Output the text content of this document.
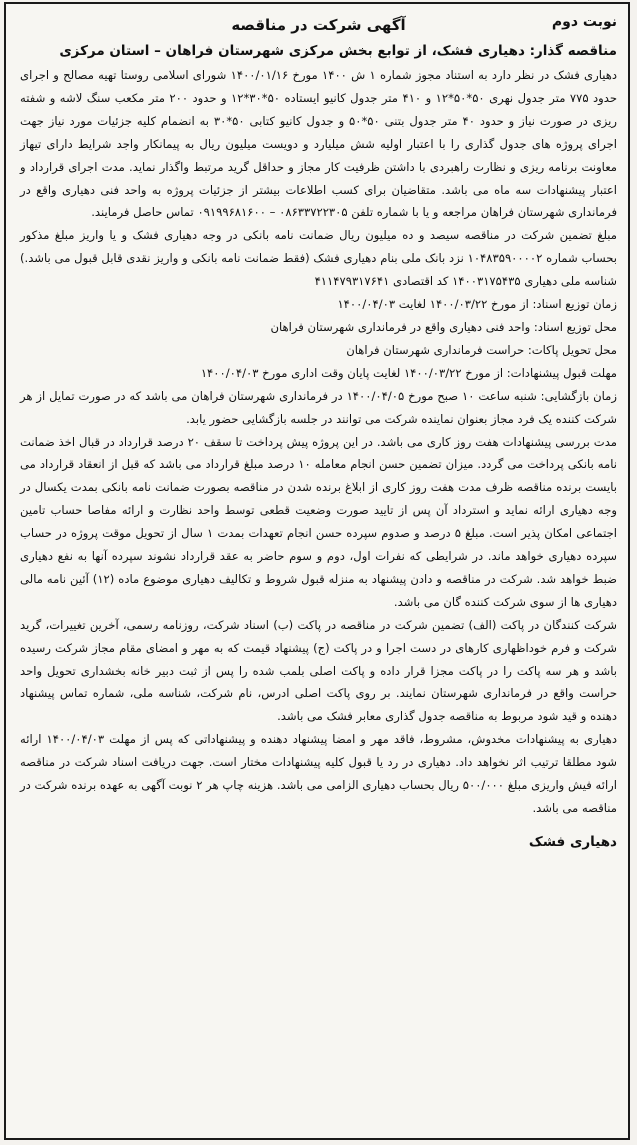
نوبت دوم
آگهی شرکت در مناقصه
مناقصه گذار: دهیاری فشک، از توابع بخش مرکزی شهرستان فراهان – استان مرکزی

دهیاری فشک در نظر دارد به استناد مجوز شماره ۱ ش ۱۴۰۰ مورخ ۱۴۰۰/۰۱/۱۶ شورای اسلامی روستا تهیه مصالح و اجرای حدود ۷۷۵ متر جدول نهری ۵۰*۵۰*۱۲ و ۴۱۰ متر جدول کانیو ایستاده ۵۰*۳۰*۱۲ و حدود ۲۰۰ متر مکعب سنگ لاشه و شفته ریزی در صورت نیاز و حدود ۴۰ متر جدول بتنی ۵۰*۵۰ و جدول کانیو کتابی ۵۰*۳۰ به انضمام کلیه جزئیات مورد نیاز جهت اجرای پروژه های جدول گذاری را با اعتبار اولیه شش میلیارد و دویست میلیون ریال به پیمانکار واجد شرایط دارای تیهاز معاونت برنامه ریزی و نظارت راهبردی با داشتن ظرفیت کار مجاز و حداقل گرید مرتبط واگذار نماید. مدت اجرای قرارداد و اعتبار پیشنهادات سه ماه می باشد. متقاضیان برای کسب اطلاعات بیشتر از جزئیات پروژه به واحد فنی دهیاری واقع در فرمانداری شهرستان فراهان مراجعه و یا با شماره تلفن ۰۸۶۳۳۷۲۲۳۰۵ – ۰۹۱۹۹۶۸۱۶۰۰ تماس حاصل فرمایند.

مبلغ تضمین شرکت در مناقصه سیصد و ده میلیون ریال ضمانت نامه بانکی در وجه دهیاری فشک و یا واریز مبلغ مذکور بحساب شماره ۱۰۴۸۳۵۹۰۰۰۰۲ نزد بانک ملی بنام دهیاری فشک (فقط ضمانت نامه بانکی و واریز نقدی قابل قبول می باشد.) شناسه ملی دهیاری ۱۴۰۰۳۱۷۵۴۳۵ کد اقتصادی ۴۱۱۴۷۹۳۱۷۶۴۱

زمان توزیع اسناد: از مورخ ۱۴۰۰/۰۳/۲۲ لغایت ۱۴۰۰/۰۴/۰۳

محل توزیع اسناد: واحد فنی دهیاری واقع در فرمانداری شهرستان فراهان

محل تحویل پاکات: حراست فرمانداری شهرستان فراهان

مهلت قبول پیشنهادات: از مورخ ۱۴۰۰/۰۳/۲۲ لغایت پایان وقت اداری مورخ ۱۴۰۰/۰۴/۰۳

زمان بازگشایی: شنبه ساعت ۱۰ صبح مورخ ۱۴۰۰/۰۴/۰۵ در فرمانداری شهرستان فراهان می باشد که در صورت تمایل از هر شرکت کننده یک فرد مجاز بعنوان نماینده شرکت می توانند در جلسه بازگشایی حضور یابد.

مدت بررسی پیشنهادات هفت روز کاری می باشد. در این پروژه پیش پرداخت تا سقف ۲۰ درصد قرارداد در قبال اخذ ضمانت نامه بانکی پرداخت می گردد. میزان تضمین حسن انجام معامله ۱۰ درصد مبلغ قرارداد می باشد که قبل از انعقاد قرارداد می بایست برنده مناقصه ظرف مدت هفت روز کاری از ابلاغ برنده شدن در مناقصه بصورت ضمانت نامه بانکی بمدت یکسال در وجه دهیاری ارائه نماید و استرداد آن پس از تایید صورت وضعیت قطعی توسط واحد نظارت و ارائه مفاصا حساب تامین اجتماعی امکان پذیر است. مبلغ ۵ درصد و صدوم سپرده حسن انجام تعهدات بمدت ۱ سال از تحویل موقت پروژه در حساب سپرده دهیاری خواهد ماند. در شرایطی که نفرات اول، دوم و سوم حاضر به عقد قرارداد نشوند سپرده آنها به نفع دهیاری ضبط خواهد شد. شرکت در مناقصه و دادن پیشنهاد به منزله قبول شروط و تکالیف دهیاری موضوع ماده (۱۲) آئین نامه مالی دهیاری ها از سوی شرکت کننده گان می باشد.

شرکت کنندگان در پاکت (الف) تضمین شرکت در مناقصه در پاکت (ب) اسناد شرکت، روزنامه رسمی، آخرین تغییرات، گرید شرکت و فرم خوداظهاری کارهای در دست اجرا و در پاکت (ج) پیشنهاد قیمت که به مهر و امضای مقام مجاز شرکت رسیده باشد و هر سه پاکت را در پاکت مجزا قرار داده و پاکت اصلی بلمب شده را پس از ثبت دبیر خانه بخشداری تحویل واحد حراست واقع در فرمانداری شهرستان نمایند. بر روی پاکت اصلی ادرس، نام شرکت، شناسه ملی، شماره تماس پیشنهاد دهنده و قید شود مربوط به مناقصه جدول گذاری معابر فشک می باشد.

دهیاری به پیشنهادات مخدوش، مشروط، فاقد مهر و امضا پیشنهاد دهنده و پیشنهاداتی که پس از مهلت ۱۴۰۰/۰۴/۰۳ ارائه شود مطلقا ترتیب اثر نخواهد داد. دهیاری در رد یا قبول کلیه پیشنهادات مختار است. جهت دریافت اسناد شرکت در مناقصه ارائه فیش واریزی مبلغ ۵۰۰/۰۰۰ ریال بحساب دهیاری الزامی می باشد. هزینه چاپ هر ۲ نوبت آگهی به عهده برنده شرکت در مناقصه می باشد.

دهیاری فشک
